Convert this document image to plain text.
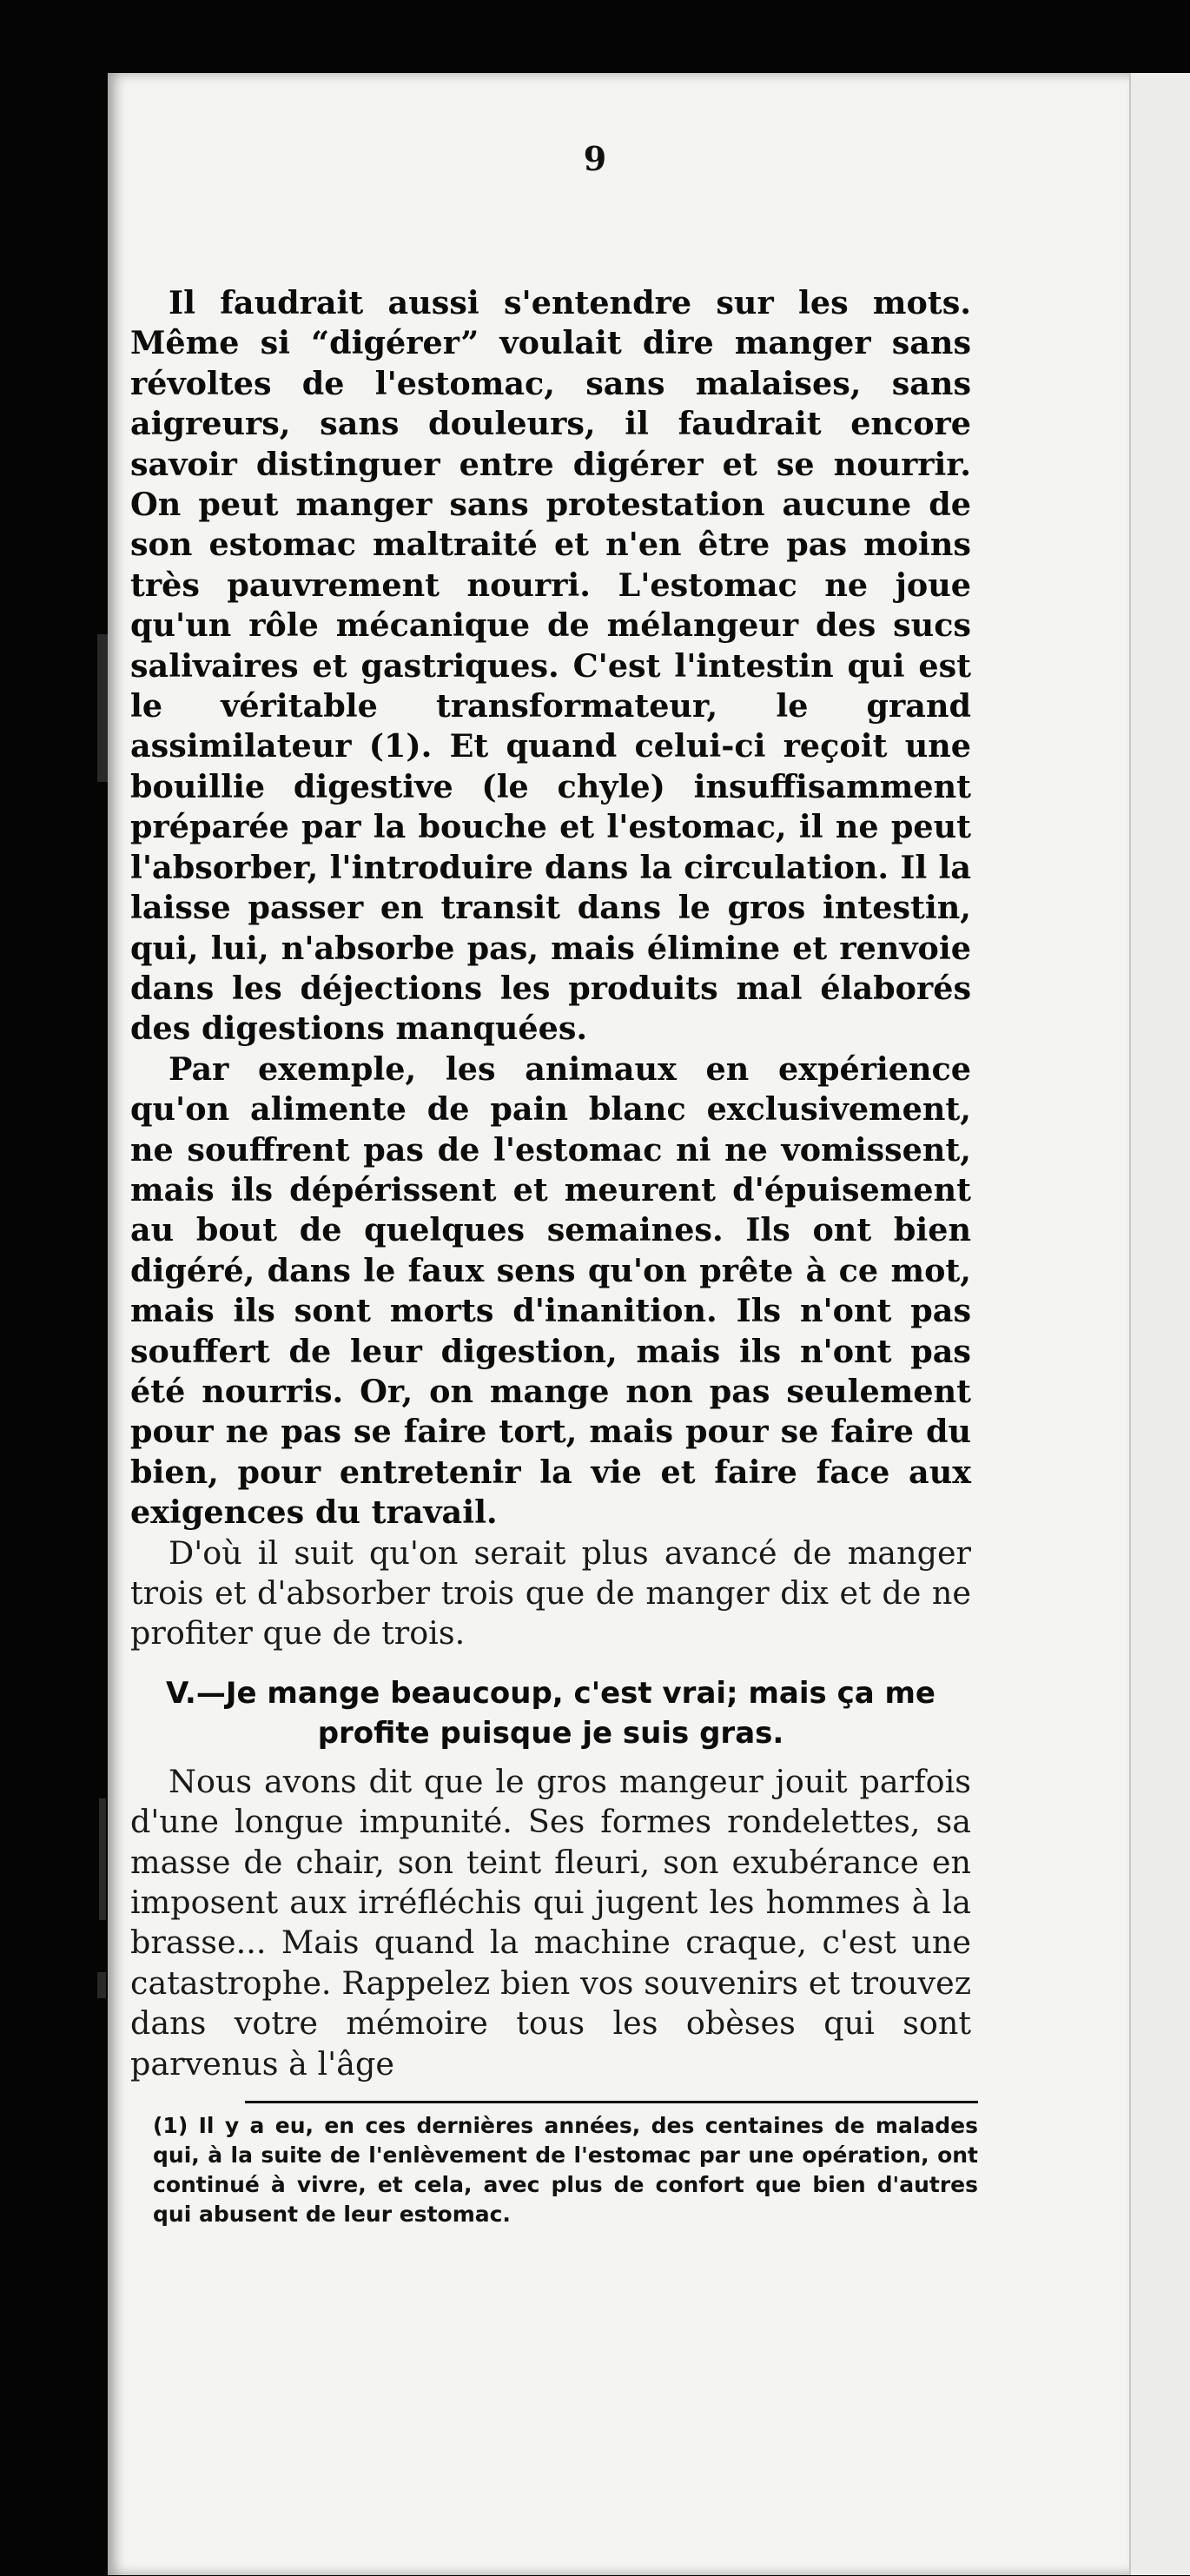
9

Il faudrait aussi s'entendre sur les mots. Même si “digérer” voulait dire manger sans révoltes de l'estomac, sans malaises, sans aigreurs, sans douleurs, il faudrait encore savoir distinguer entre digérer et se nourrir. On peut manger sans protestation aucune de son estomac maltraité et n'en être pas moins très pauvrement nourri. L'estomac ne joue qu'un rôle mécanique de mélangeur des sucs salivaires et gastriques. C'est l'intestin qui est le véritable transformateur, le grand assimilateur (1). Et quand celui-ci reçoit une bouillie digestive (le chyle) insuffisamment préparée par la bouche et l'estomac, il ne peut l'absorber, l'introduire dans la circulation. Il la laisse passer en transit dans le gros intestin, qui, lui, n'absorbe pas, mais élimine et renvoie dans les déjections les produits mal élaborés des digestions manquées.

Par exemple, les animaux en expérience qu'on alimente de pain blanc exclusivement, ne souffrent pas de l'estomac ni ne vomissent, mais ils dépérissent et meurent d'épuisement au bout de quelques semaines. Ils ont bien digéré, dans le faux sens qu'on prête à ce mot, mais ils sont morts d'inanition. Ils n'ont pas souffert de leur digestion, mais ils n'ont pas été nourris. Or, on mange non pas seulement pour ne pas se faire tort, mais pour se faire du bien, pour entretenir la vie et faire face aux exigences du travail.

D'où il suit qu'on serait plus avancé de manger trois et d'absorber trois que de manger dix et de ne profiter que de trois.

V.—Je mange beaucoup, c'est vrai; mais ça me profite puisque je suis gras.

Nous avons dit que le gros mangeur jouit parfois d'une longue impunité. Ses formes rondelettes, sa masse de chair, son teint fleuri, son exubérance en imposent aux irréfléchis qui jugent les hommes à la brasse... Mais quand la machine craque, c'est une catastrophe. Rappelez bien vos souvenirs et trouvez dans votre mémoire tous les obèses qui sont parvenus à l'âge

(1) Il y a eu, en ces dernières années, des centaines de malades qui, à la suite de l'enlèvement de l'estomac par une opération, ont continué à vivre, et cela, avec plus de confort que bien d'autres qui abusent de leur estomac.
